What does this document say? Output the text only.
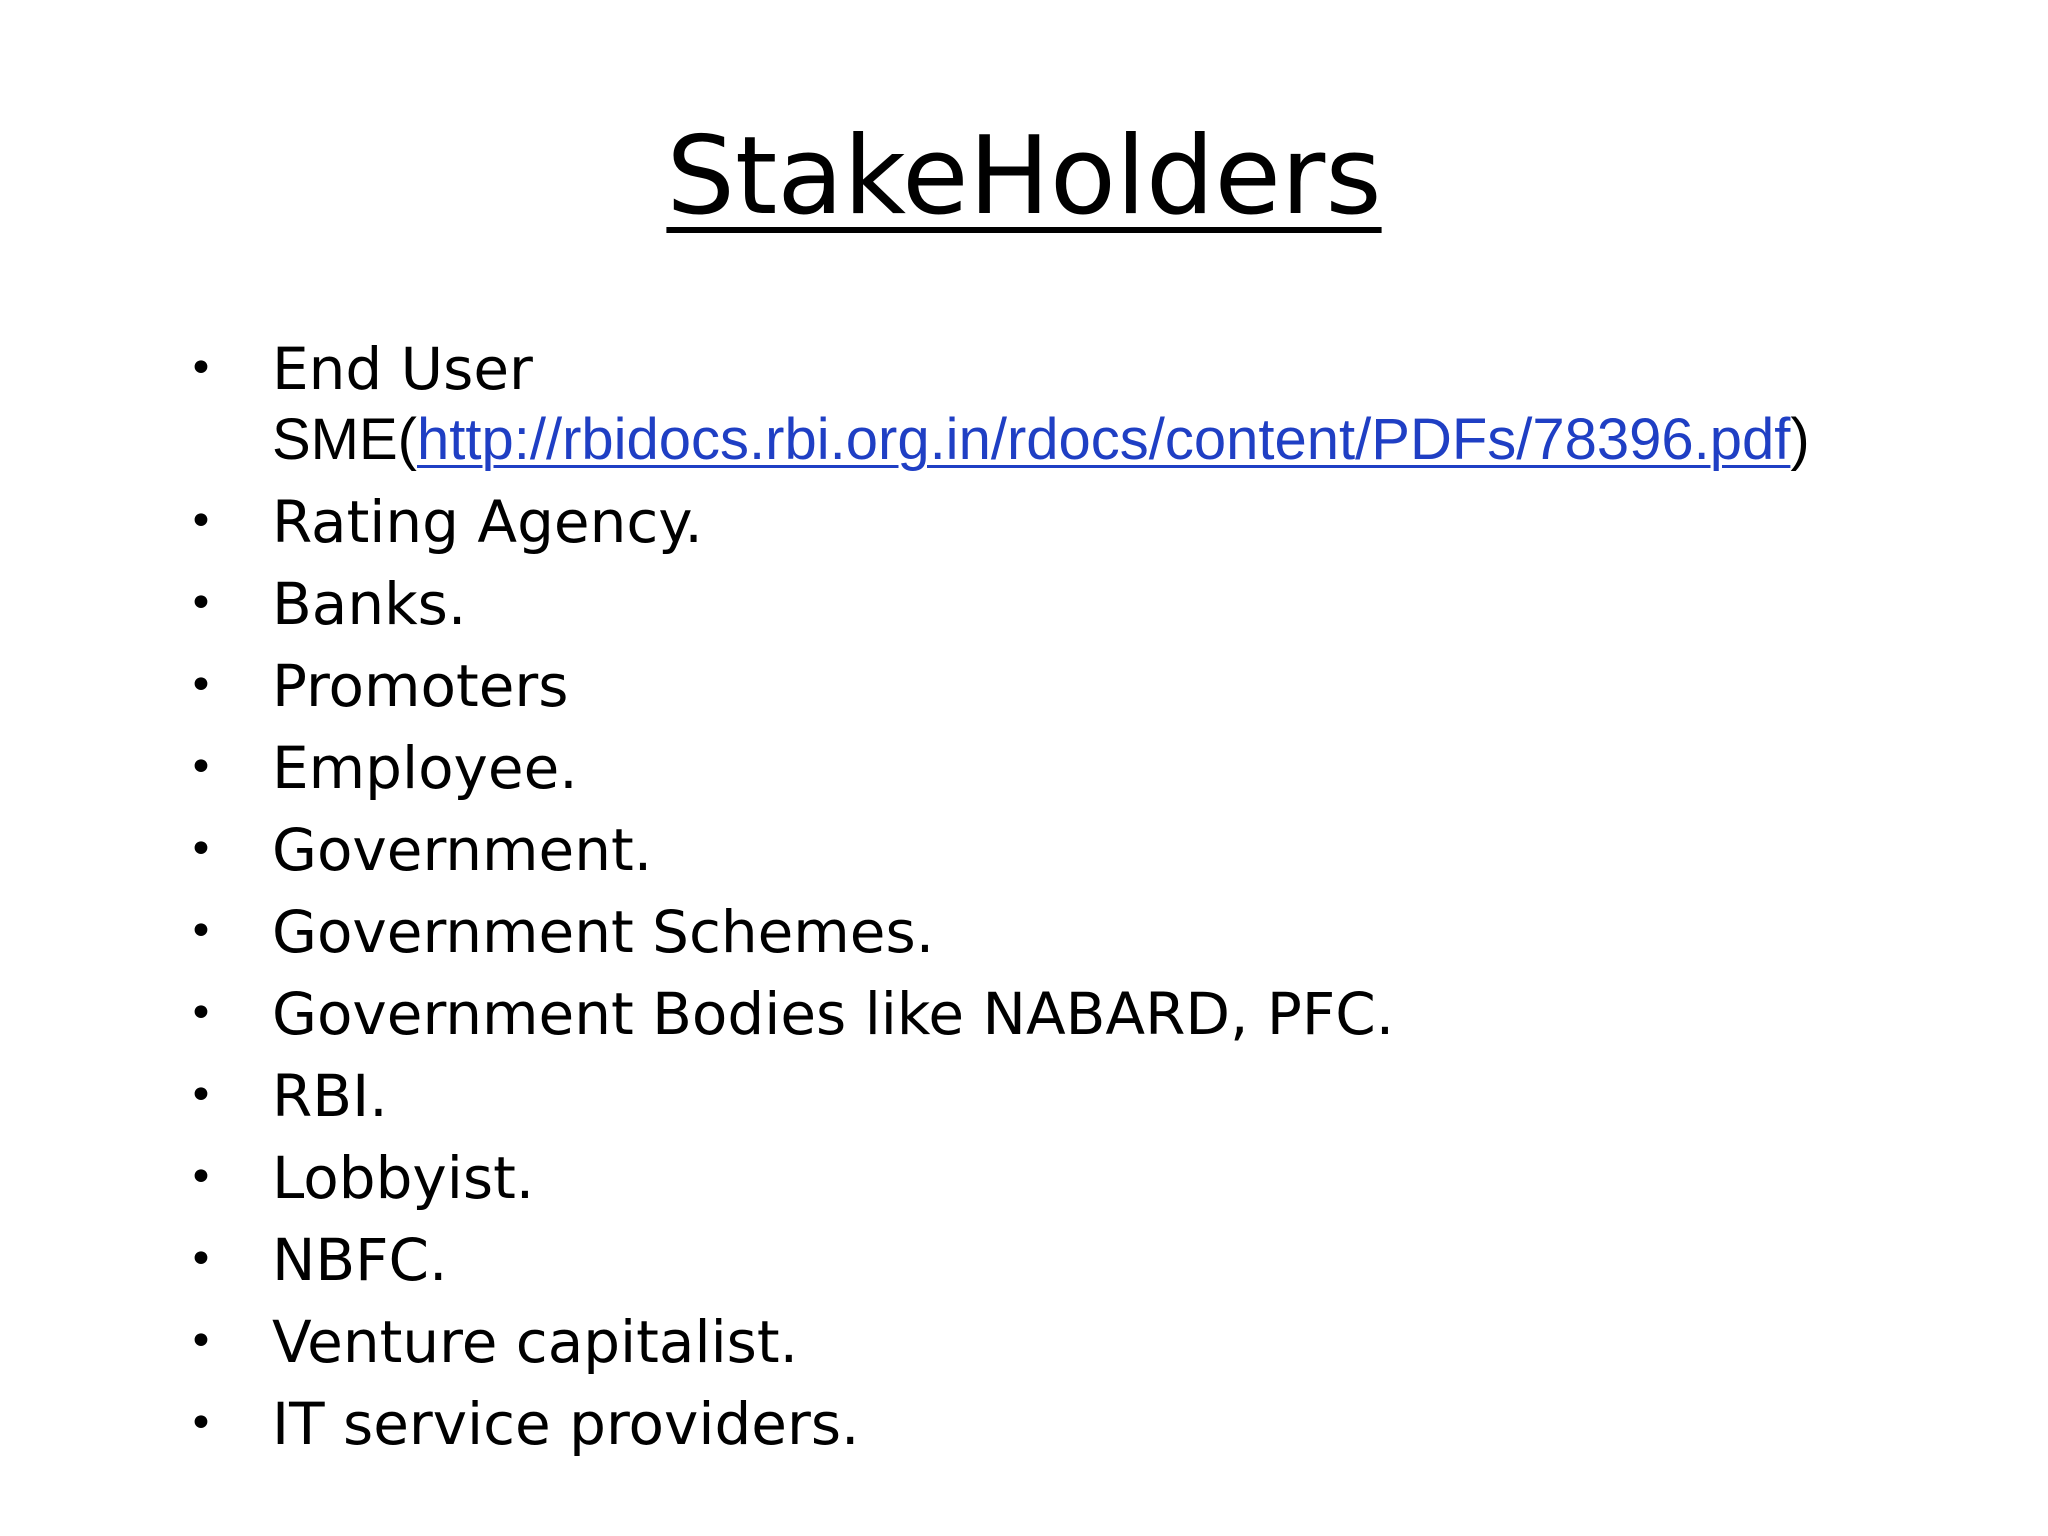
StakeHolders
• End User
SME(http://rbidocs.rbi.org.in/rdocs/content/PDFs/78396.pdf)
• Rating Agency.
• Banks.
• Promoters
• Employee.
• Government.
• Government Schemes.
• Government Bodies like NABARD, PFC.
• RBI.
• Lobbyist.
• NBFC.
• Venture capitalist.
• IT service providers.
